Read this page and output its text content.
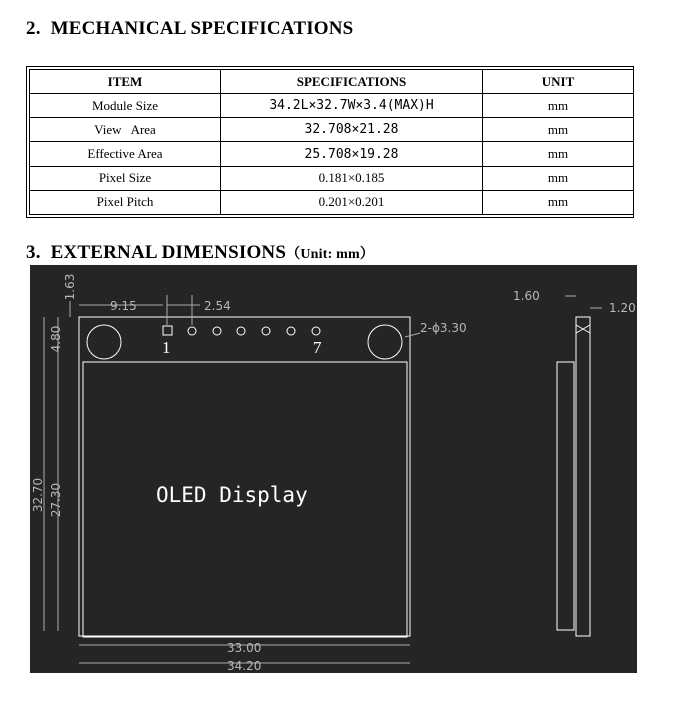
2. MECHANICAL SPECIFICATIONS
ITEM	SPECIFICATIONS	UNIT
Module Size	34.2L×32.7W×3.4(MAX)H	mm
View   Area	32.708×21.28	mm
Effective Area	25.708×19.28	mm
Pixel Size	0.181×0.185	mm
Pixel Pitch	0.201×0.201	mm
3. EXTERNAL DIMENSIONS（Unit: mm）
1.63
4.80
9.15	2.54
2-ϕ3.30
32.70 27.30
33.00
34.20
1.60
1.20
1	7
OLED Display
